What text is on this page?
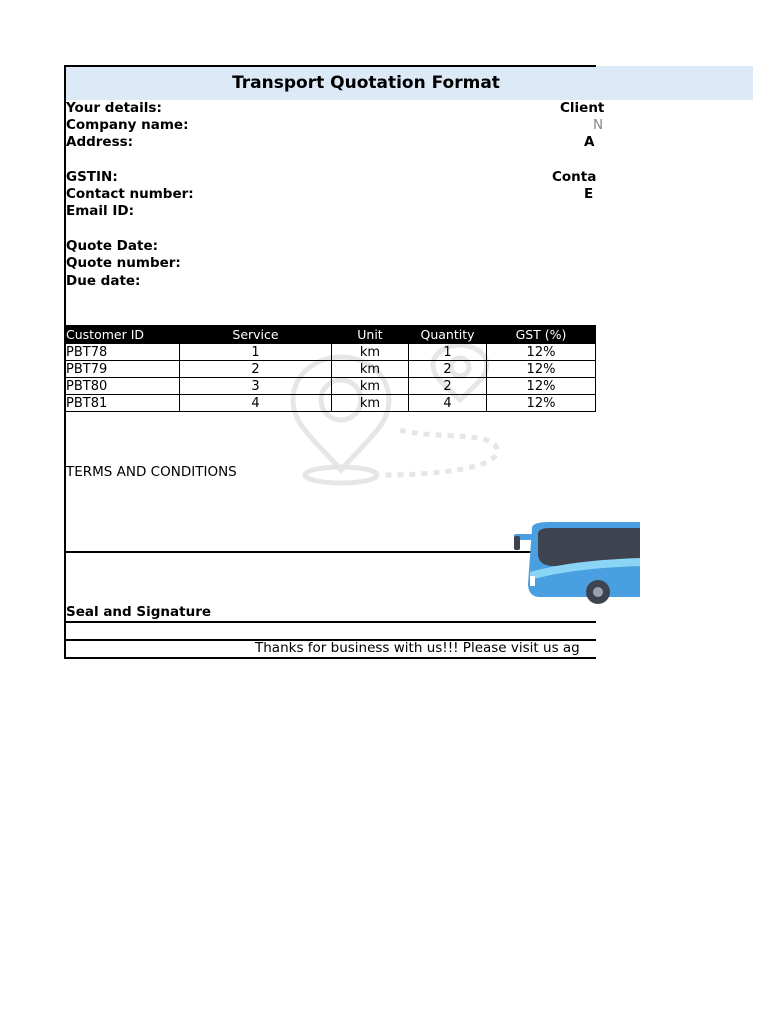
Transport Quotation Format
Your details:
Company name:
Address:
GSTIN:
Contact number:
Email ID:
Quote Date:
Quote number:
Due date:
Client
N
A
Conta
E
Customer ID	Service	Unit	Quantity	GST (%)
PBT78	1	km	1	12%
PBT79	2	km	2	12%
PBT80	3	km	2	12%
PBT81	4	km	4	12%
TERMS AND CONDITIONS
Seal and Signature
Thanks for business with us!!! Please visit us ag
